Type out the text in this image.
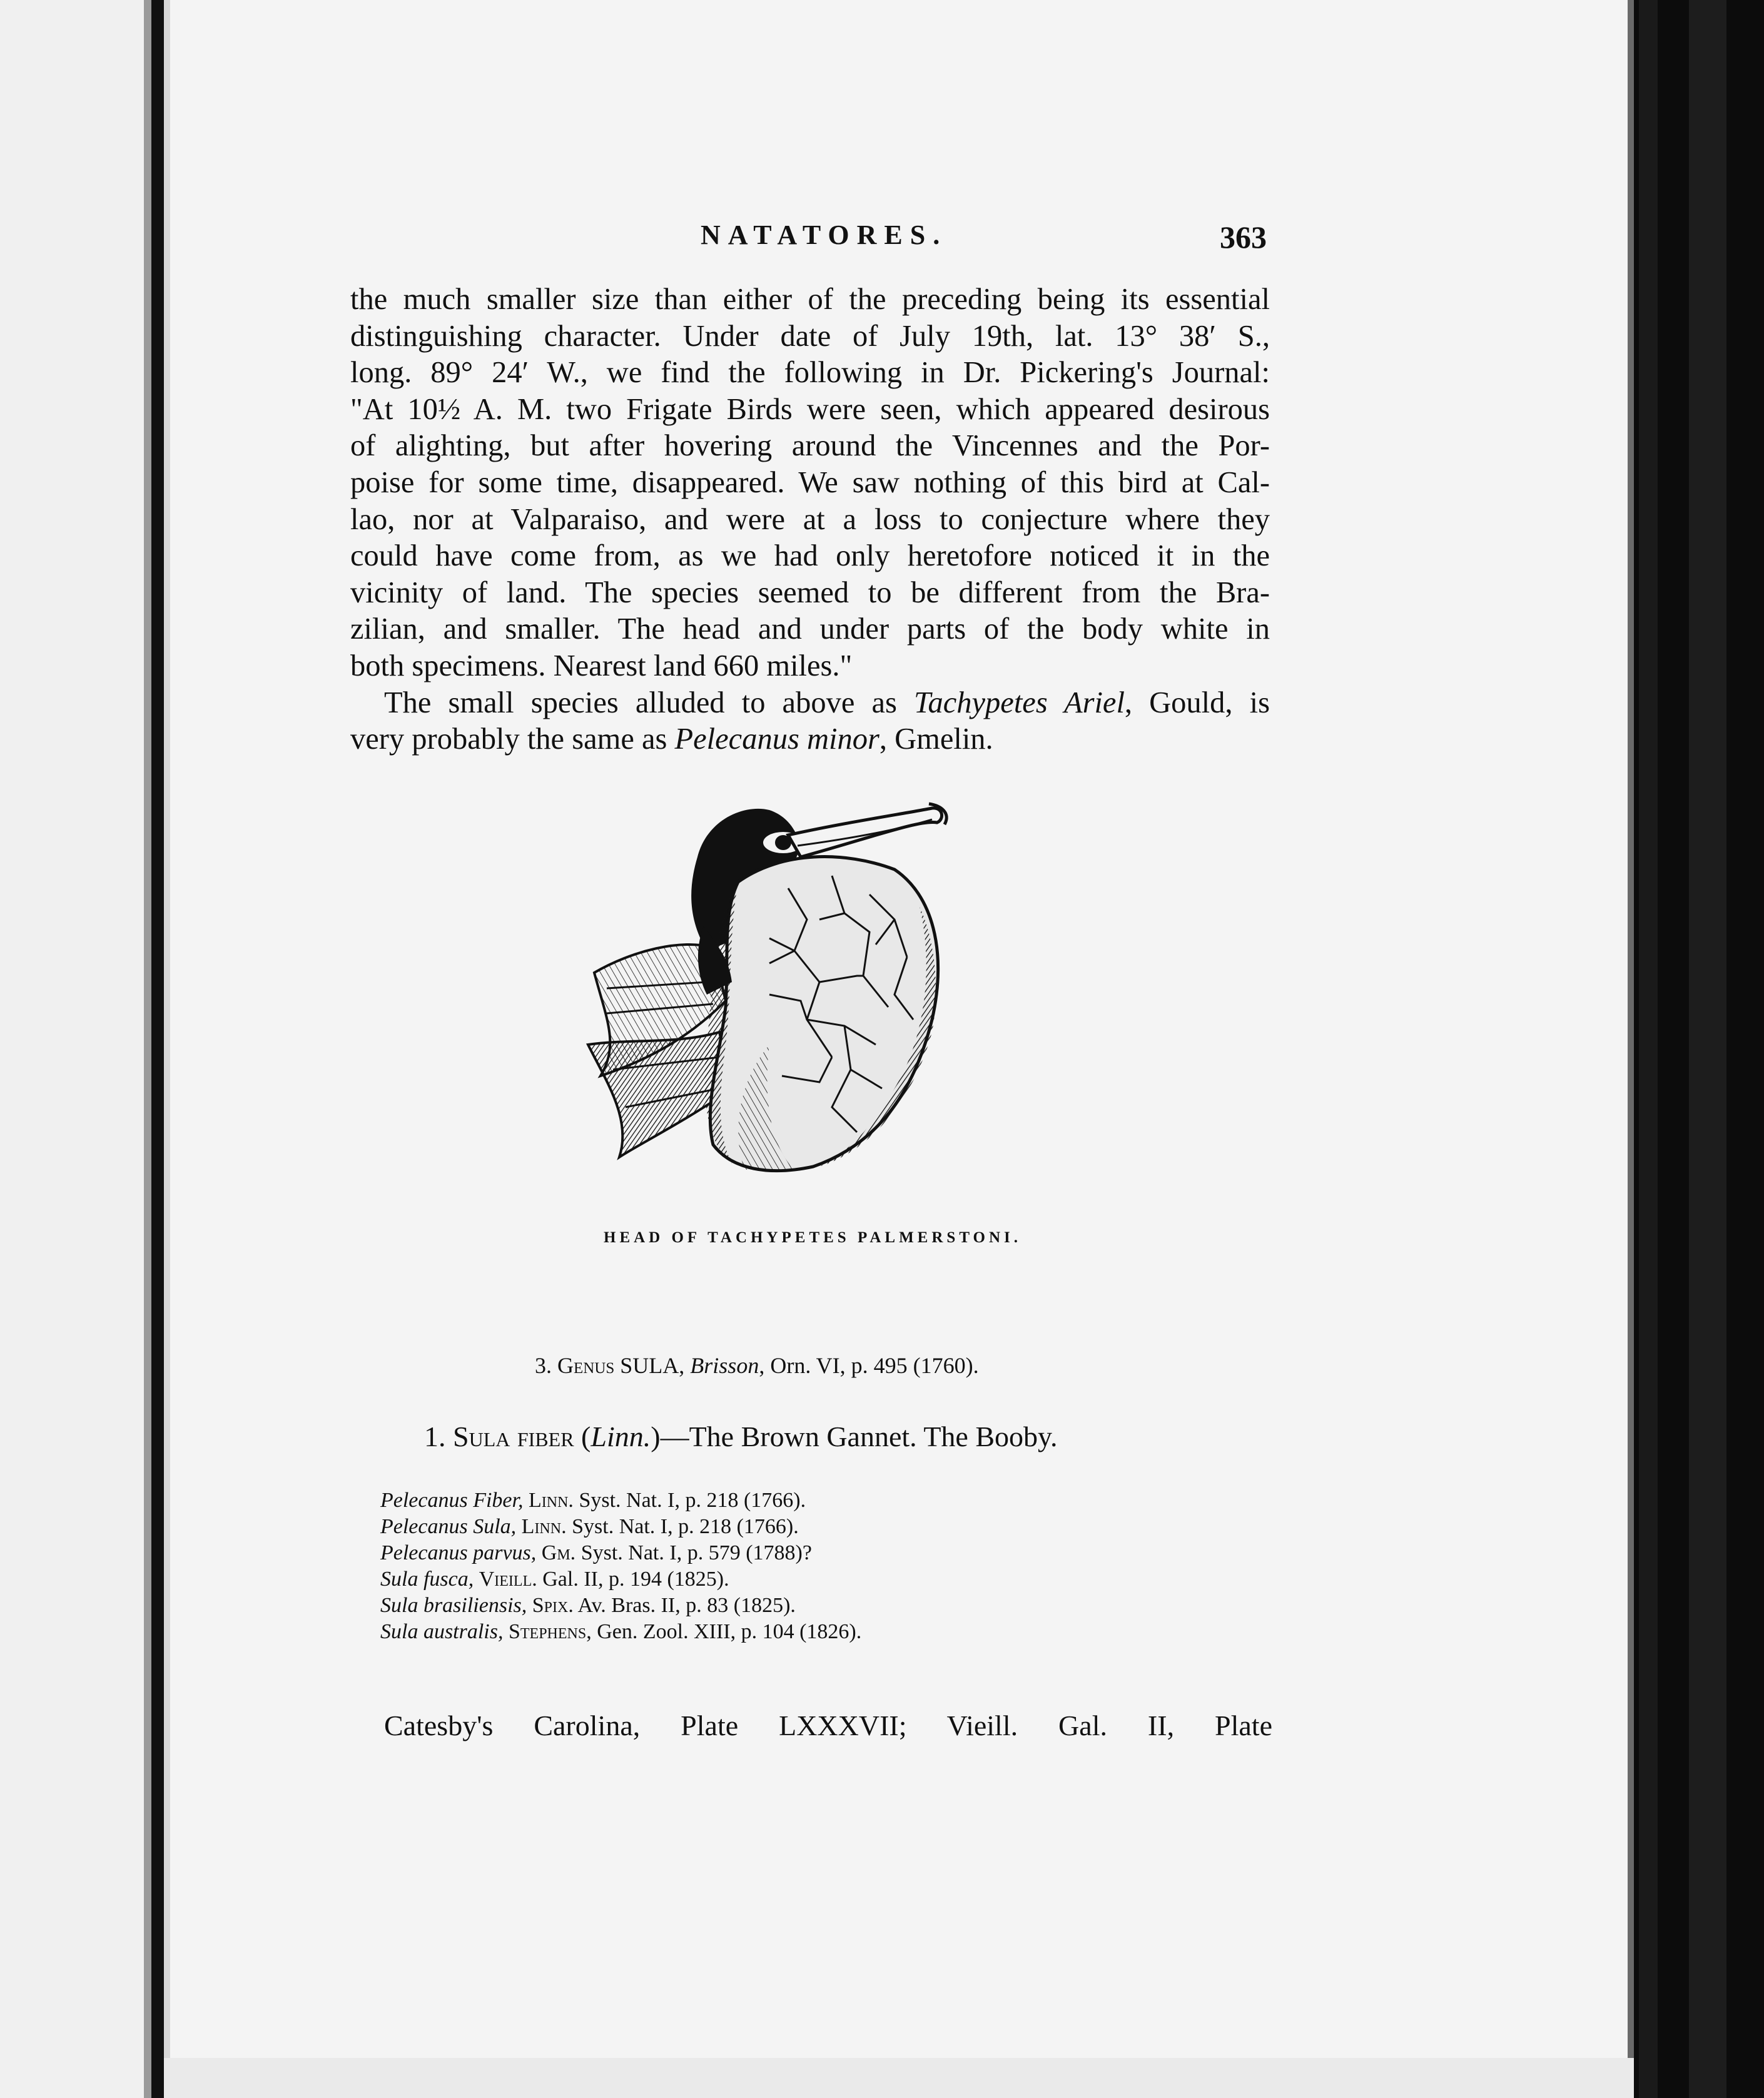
NATATORES.	363
the much smaller size than either of the preceding being its essential
distinguishing character. Under date of July 19th, lat. 13° 38′ S.,
long. 89° 24′ W., we find the following in Dr. Pickering's Journal:
"At 10½ A. M. two Frigate Birds were seen, which appeared desirous
of alighting, but after hovering around the Vincennes and the Por-
poise for some time, disappeared. We saw nothing of this bird at Cal-
lao, nor at Valparaiso, and were at a loss to conjecture where they
could have come from, as we had only heretofore noticed it in the
vicinity of land. The species seemed to be different from the Bra-
zilian, and smaller. The head and under parts of the body white in
both specimens. Nearest land 660 miles."
The small species alluded to above as Tachypetes Ariel, Gould, is
very probably the same as Pelecanus minor, Gmelin.
HEAD OF TACHYPETES PALMERSTONI.
3. Genus SULA, Brisson, Orn. VI, p. 495 (1760).
1. Sula fiber (Linn.)—The Brown Gannet. The Booby.
Pelecanus Fiber, Linn. Syst. Nat. I, p. 218 (1766).
Pelecanus Sula, Linn. Syst. Nat. I, p. 218 (1766).
Pelecanus parvus, Gm. Syst. Nat. I, p. 579 (1788)?
Sula fusca, Vieill. Gal. II, p. 194 (1825).
Sula brasiliensis, Spix. Av. Bras. II, p. 83 (1825).
Sula australis, Stephens, Gen. Zool. XIII, p. 104 (1826).
Catesby's Carolina, Plate LXXXVII; Vieill. Gal. II, Plate
